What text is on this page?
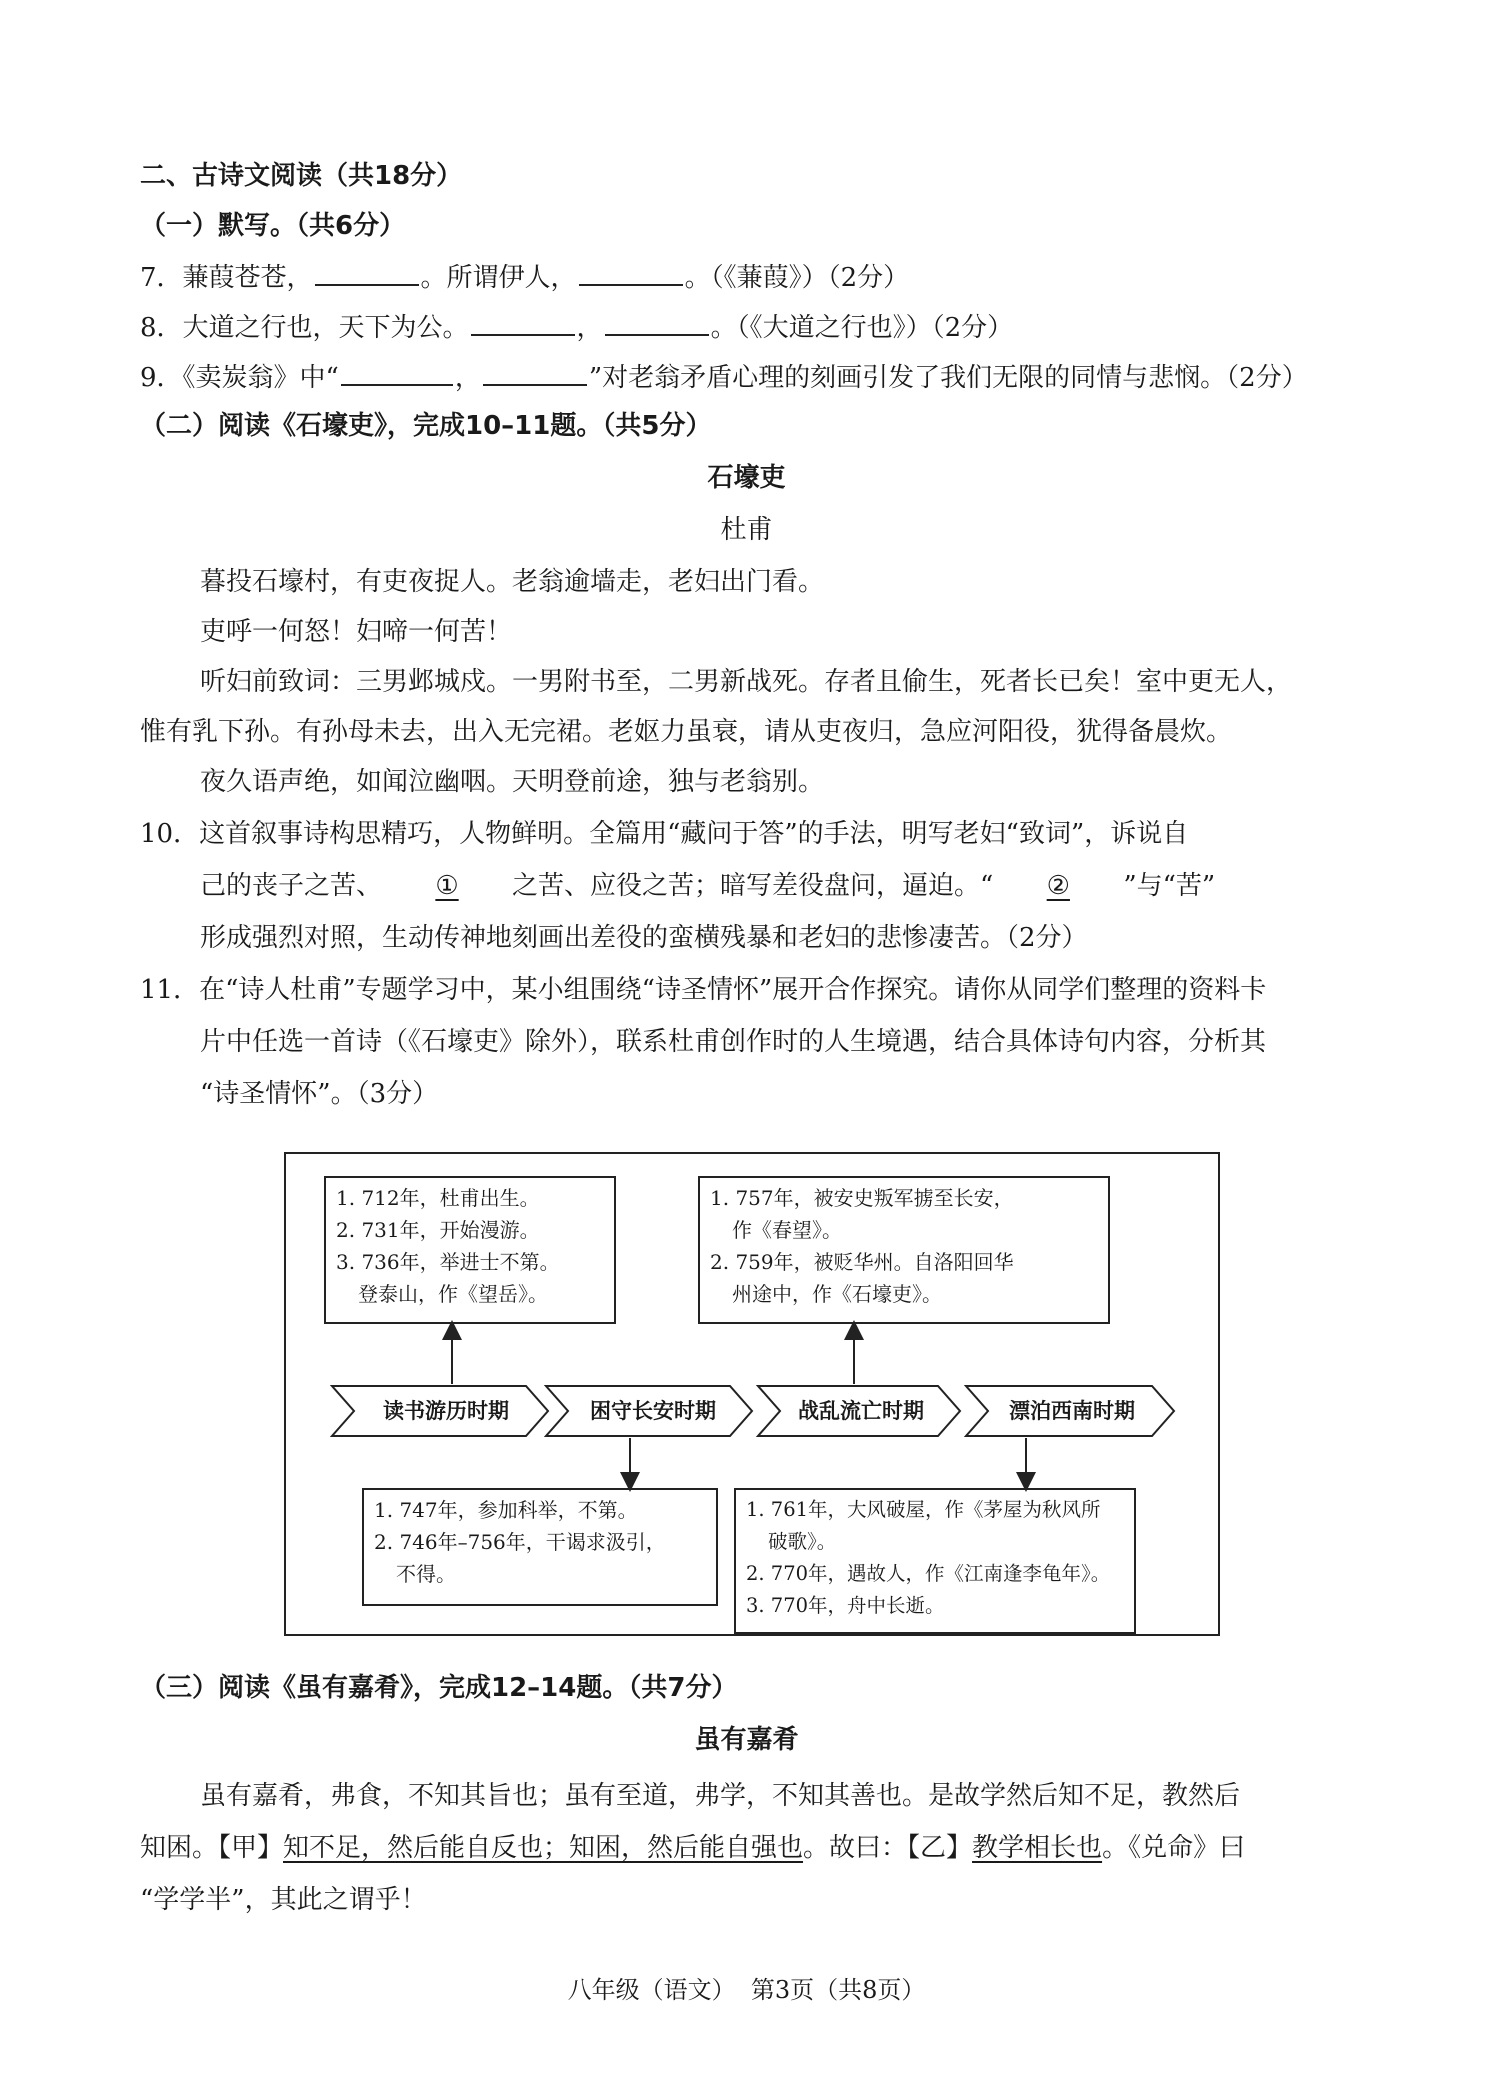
二、古诗文阅读（共18分）
（一）默写。（共6分）
7．蒹葭苍苍，	。所谓伊人，	。（《蒹葭》）（2分）
8．大道之行也，天下为公。	，	。（《大道之行也》）（2分）
9．《卖炭翁》中“	，	”对老翁矛盾心理的刻画引发了我们无限的同情与悲悯。（2分）
（二）阅读《石壕吏》，完成10–11题。（共5分）
石壕吏
杜甫
暮投石壕村，有吏夜捉人。老翁逾墙走，老妇出门看。
吏呼一何怒！妇啼一何苦！
听妇前致词：三男邺城戍。一男附书至，二男新战死。存者且偷生，死者长已矣！室中更无人，
惟有乳下孙。有孙母未去，出入无完裙。老妪力虽衰，请从吏夜归，急应河阳役，犹得备晨炊。
夜久语声绝，如闻泣幽咽。天明登前途，独与老翁别。
10．这首叙事诗构思精巧，人物鲜明。全篇用“藏问于答”的手法，明写老妇“致词”，诉说自
己的丧子之苦、 ① 之苦、应役之苦；暗写差役盘问，逼迫。“ ② ”与“苦”
形成强烈对照，生动传神地刻画出差役的蛮横残暴和老妇的悲惨凄苦。（2分）
11．在“诗人杜甫”专题学习中，某小组围绕“诗圣情怀”展开合作探究。请你从同学们整理的资料卡
片中任选一首诗（《石壕吏》除外），联系杜甫创作时的人生境遇，结合具体诗句内容，分析其
“诗圣情怀”。（3分）
1. 712年，杜甫出生。
2. 731年，开始漫游。
3. 736年，举进士不第。
登泰山，作《望岳》。
1. 757年，被安史叛军掳至长安，
作《春望》。
2. 759年，被贬华州。自洛阳回华
州途中，作《石壕吏》。
读书游历时期	困守长安时期	战乱流亡时期	漂泊西南时期
1. 747年，参加科举，不第。
2. 746年–756年，干谒求汲引，
不得。
1. 761年，大风破屋，作《茅屋为秋风所
破歌》。
2. 770年，遇故人，作《江南逢李龟年》。
3. 770年，舟中长逝。
（三）阅读《虽有嘉肴》，完成12–14题。（共7分）
虽有嘉肴
虽有嘉肴，弗食，不知其旨也；虽有至道，弗学，不知其善也。是故学然后知不足，教然后
知困。【甲】知不足，然后能自反也；知困，然后能自强也。故曰：【乙】教学相长也。《兑命》曰
“学学半”，其此之谓乎！
八年级（语文）  第3页（共8页）
